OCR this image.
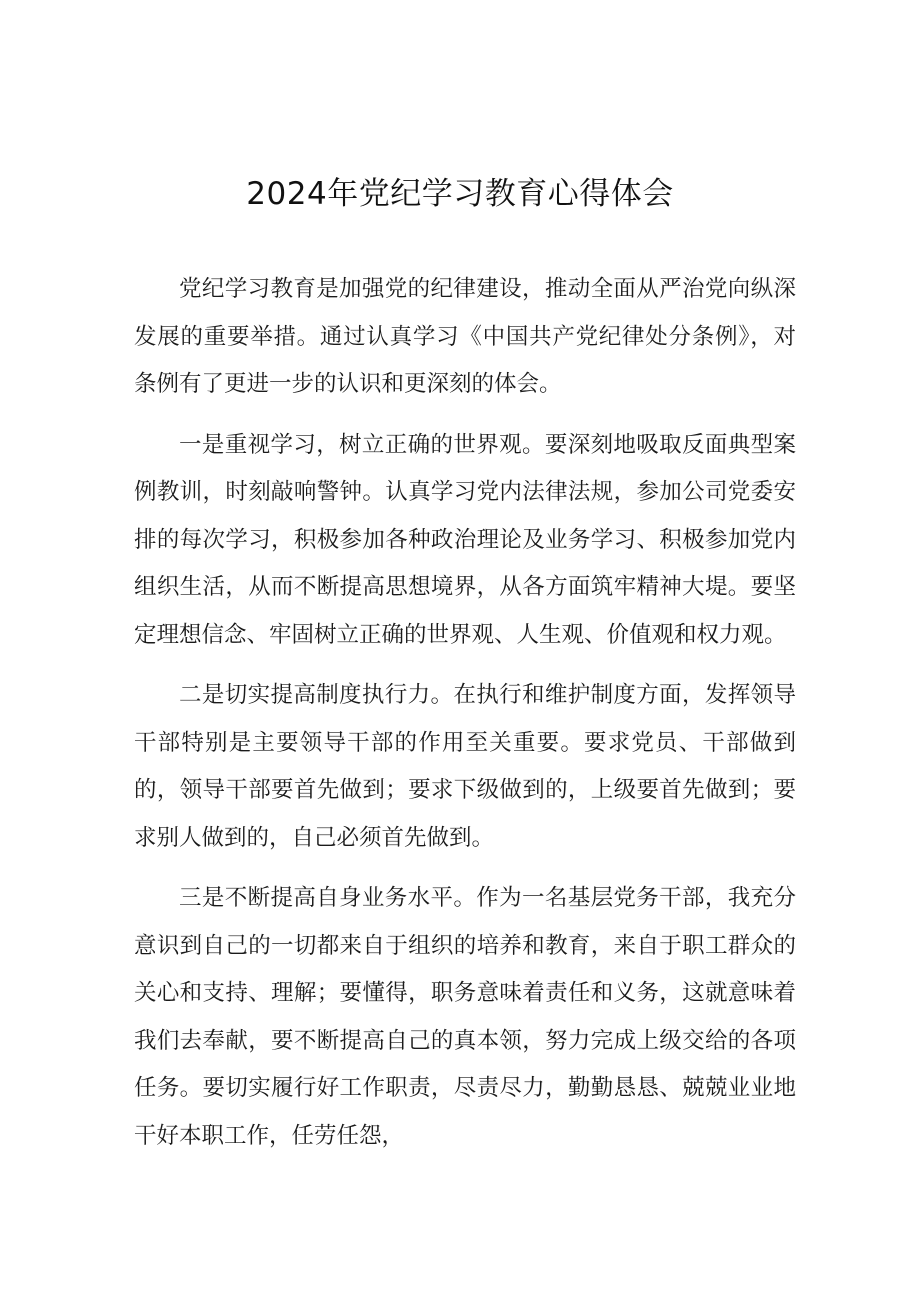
2024年党纪学习教育心得体会

党纪学习教育是加强党的纪律建设，推动全面从严治党向纵深发展的重要举措。通过认真学习《中国共产党纪律处分条例》，对条例有了更进一步的认识和更深刻的体会。

一是重视学习，树立正确的世界观。要深刻地吸取反面典型案例教训，时刻敲响警钟。认真学习党内法律法规，参加公司党委安排的每次学习，积极参加各种政治理论及业务学习、积极参加党内组织生活，从而不断提高思想境界，从各方面筑牢精神大堤。要坚定理想信念、牢固树立正确的世界观、人生观、价值观和权力观。

二是切实提高制度执行力。在执行和维护制度方面，发挥领导干部特别是主要领导干部的作用至关重要。要求党员、干部做到的，领导干部要首先做到；要求下级做到的，上级要首先做到；要求别人做到的，自己必须首先做到。

三是不断提高自身业务水平。作为一名基层党务干部，我充分意识到自己的一切都来自于组织的培养和教育，来自于职工群众的关心和支持、理解；要懂得，职务意味着责任和义务，这就意味着我们去奉献，要不断提高自己的真本领，努力完成上级交给的各项任务。要切实履行好工作职责，尽责尽力，勤勤恳恳、兢兢业业地干好本职工作，任劳任怨，
